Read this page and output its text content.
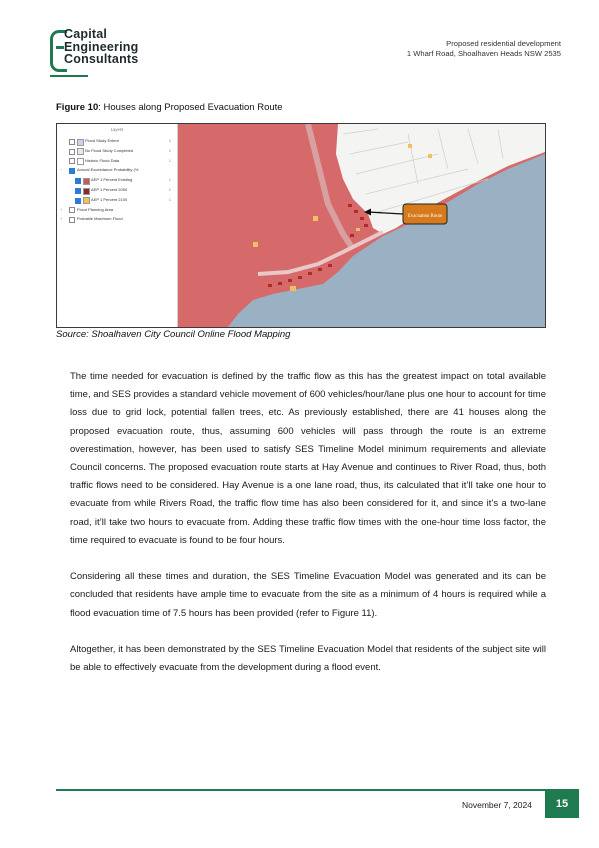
Capital
Engineering
Consultants
Proposed residential development
1 Wharf Road, Shoalhaven Heads NSW 2535
Figure 10: Houses along Proposed Evacuation Route
Layers
Flood Study Extent	1
No Flood Study Completed	1
Historic Flood Data	1
−	Annual Exceedance Probability (%
AEP 1 Percent Existing	1
AEP 1 Percent 2050	1
AEP 1 Percent 2100	1
+	Flood Planning Area
+	Probable Maximum Flood	Evacuation Route
Source: Shoalhaven City Council Online Flood Mapping

The time needed for evacuation is defined by the traffic flow as this has the greatest impact on total available time, and SES provides a standard vehicle movement of 600 vehicles/hour/lane plus one hour to account for time loss due to grid lock, potential fallen trees, etc. As previously established, there are 41 houses along the proposed evacuation route, thus, assuming 600 vehicles will pass through the route is an extreme overestimation, however, has been used to satisfy SES Timeline Model minimum requirements and alleviate Council concerns. The proposed evacuation route starts at Hay Avenue and continues to River Road, thus, both traffic flows need to be considered. Hay Avenue is a one lane road, thus, its calculated that it’ll take one hour to evacuate from while Rivers Road, the traffic flow time has also been considered for it, and since it’s a two-lane road, it’ll take two hours to evacuate from. Adding these traffic flow times with the one-hour time loss factor, the time required to evacuate is found to be four hours.

Considering all these times and duration, the SES Timeline Evacuation Model was generated and its can be concluded that residents have ample time to evacuate from the site as a minimum of 4 hours is required while a flood evacuation time of 7.5 hours has been provided (refer to Figure 11).

Altogether, it has been demonstrated by the SES Timeline Evacuation Model that residents of the subject site will be able to effectively evacuate from the development during a flood event.

November 7, 2024	15
